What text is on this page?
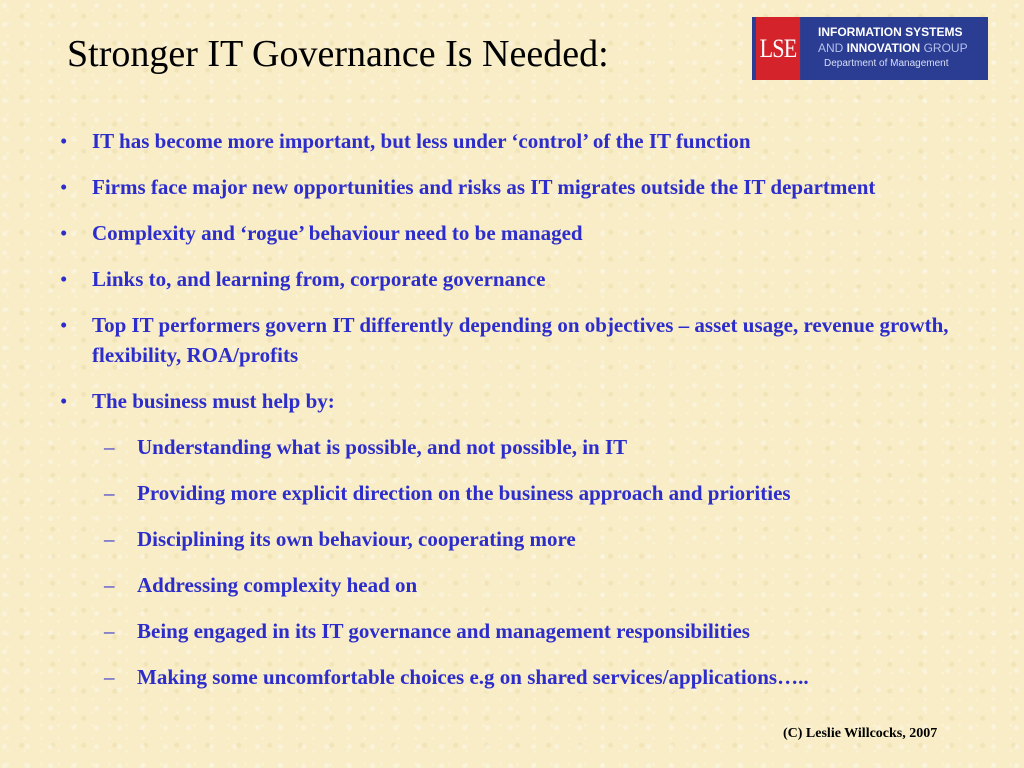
Stronger IT Governance Is Needed:	LSE
INFORMATION SYSTEMS
AND INNOVATION GROUP
Department of Management
• IT has become more important, but less under ‘control’ of the IT function
• Firms face major new opportunities and risks as IT migrates outside the IT department
• Complexity and ‘rogue’ behaviour need to be managed
• Links to, and learning from, corporate governance
• Top IT performers govern IT differently depending on objectives – asset usage, revenue growth, flexibility, ROA/profits
• The business must help by:
– Understanding what is possible, and not possible, in IT
– Providing more explicit direction on the business approach and priorities
– Disciplining its own behaviour, cooperating more
– Addressing complexity head on
– Being engaged in its IT governance and management responsibilities
– Making some uncomfortable choices e.g on shared services/applications…..
(C) Leslie Willcocks, 2007
